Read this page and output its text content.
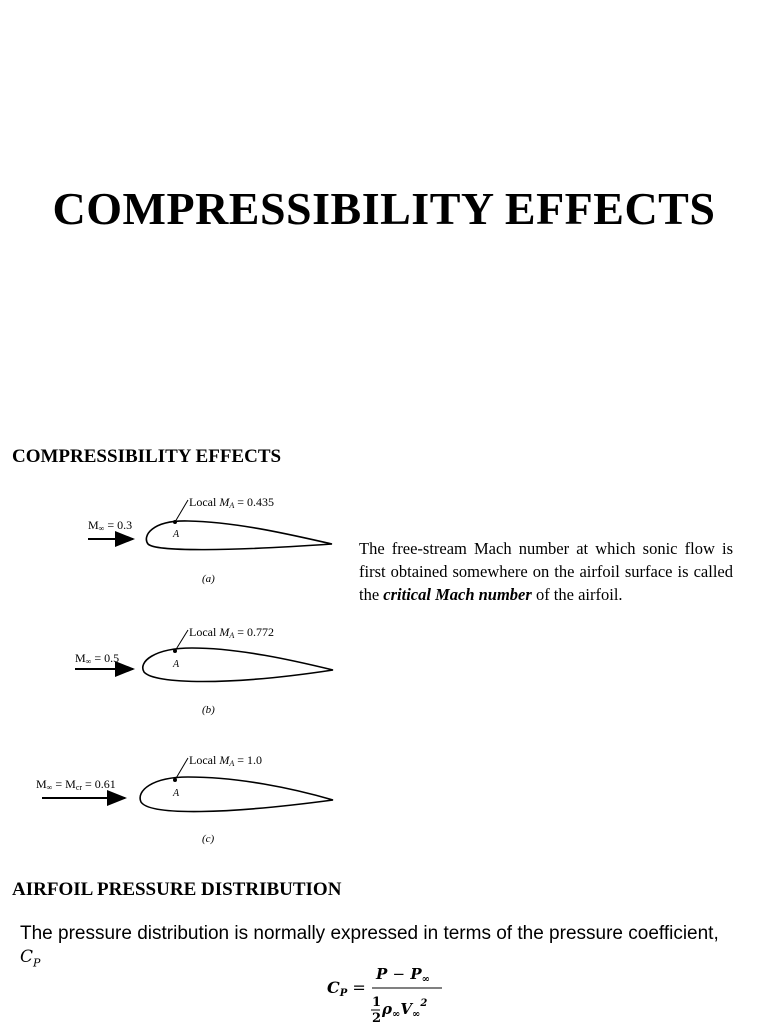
COMPRESSIBILITY EFFECTS
COMPRESSIBILITY EFFECTS
M∞ = 0.3
A
Local MA = 0.435
(a)
M∞ = 0.5	A
Local MA = 0.772
(b)
M∞ = Mcr = 0.61
A
Local MA = 1.0
(c)

The free-stream Mach number at which sonic flow is first obtained somewhere on the airfoil surface is called the critical Mach number of the airfoil.

AIRFOIL PRESSURE DISTRIBUTION

The pressure distribution is normally expressed in terms of the pressure coefficient,
$C_P$

CP =
$P - P_\infty$
1
2
$\rho_\infty V_\infty^2$
